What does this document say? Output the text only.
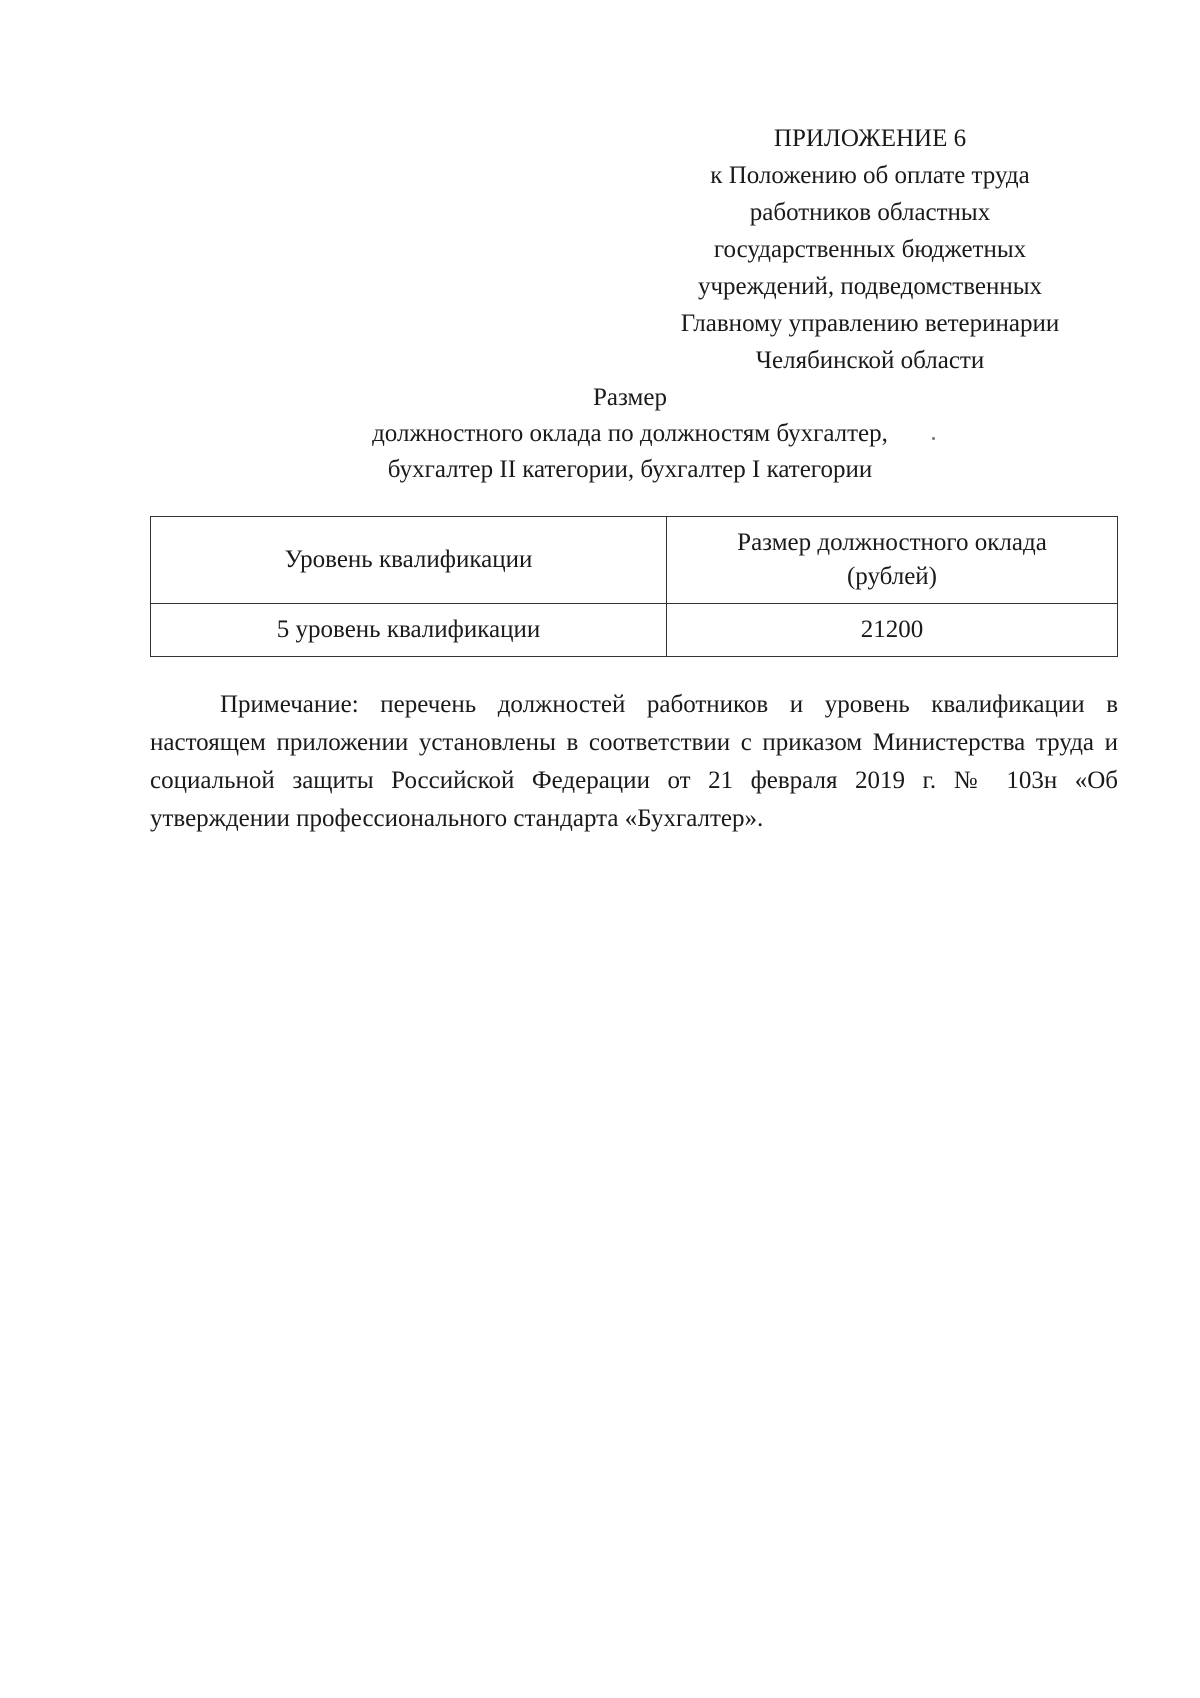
ПРИЛОЖЕНИЕ 6
к Положению об оплате труда
работников областных
государственных бюджетных
учреждений, подведомственных
Главному управлению ветеринарии
Челябинской области
Размер
должностного оклада по должностям бухгалтер,
бухгалтер II категории, бухгалтер I категории
Уровень квалификации	Размер должностного оклада
(рублей)
5 уровень квалификации	21200
Примечание: перечень должностей работников и уровень квалификации в настоящем приложении установлены в соответствии с приказом Министерства труда и социальной защиты Российской Федерации от 21 февраля 2019 г. № 103н «Об утверждении профессионального стандарта «Бухгалтер».
